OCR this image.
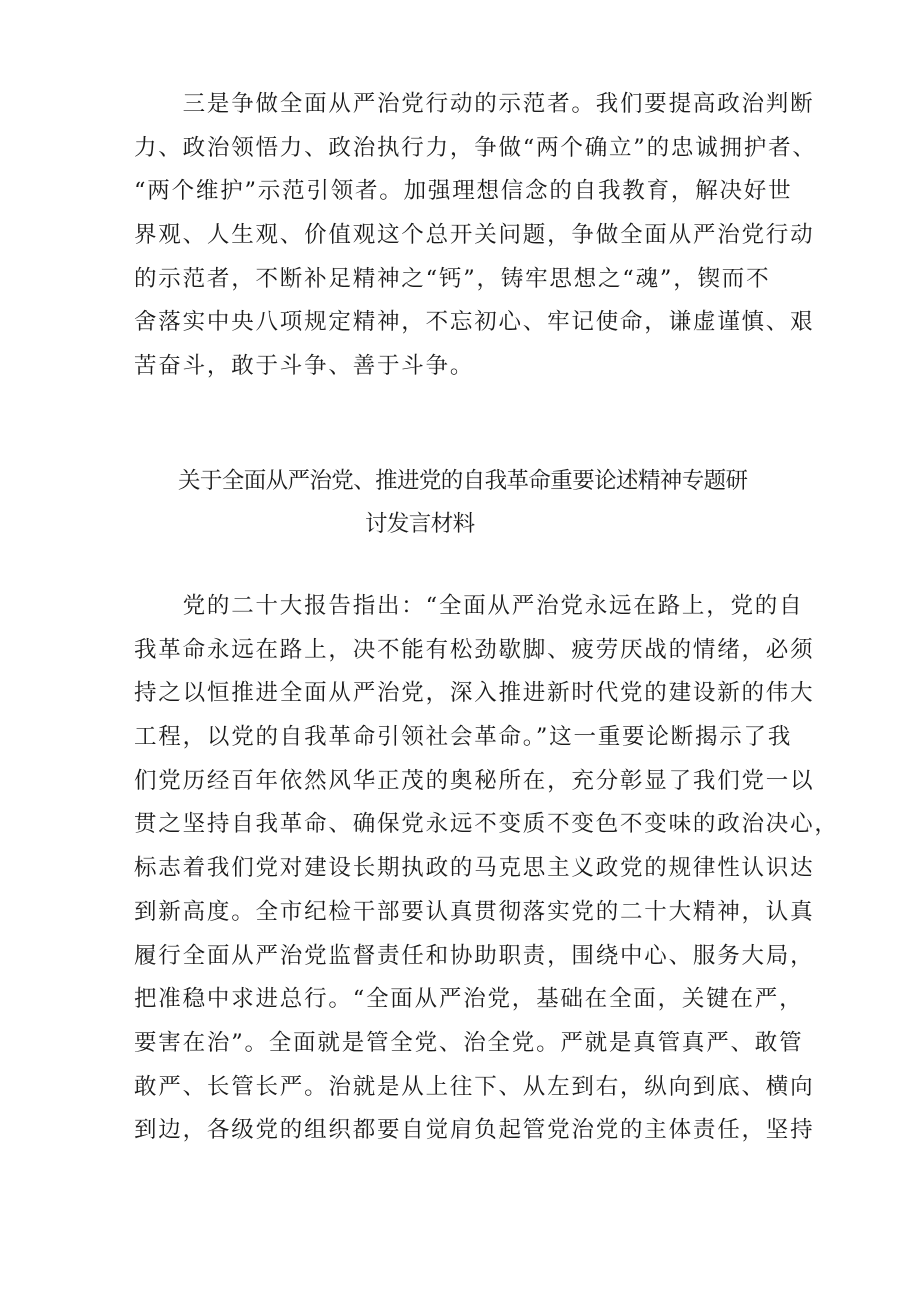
　　三是争做全面从严治党行动的示范者。我们要提高政治判断
力、政治领悟力、政治执行力，争做“两个确立”的忠诚拥护者、
“两个维护”示范引领者。加强理想信念的自我教育，解决好世
界观、人生观、价值观这个总开关问题，争做全面从严治党行动
的示范者，不断补足精神之“钙”，铸牢思想之“魂”，锲而不
舍落实中央八项规定精神，不忘初心、牢记使命，谦虚谨慎、艰
苦奋斗，敢于斗争、善于斗争。
关于全面从严治党、推进党的自我革命重要论述精神专题研
讨发言材料
　　党的二十大报告指出：“全面从严治党永远在路上，党的自
我革命永远在路上，决不能有松劲歇脚、疲劳厌战的情绪，必须
持之以恒推进全面从严治党，深入推进新时代党的建设新的伟大
工程，以党的自我革命引领社会革命。”这一重要论断揭示了我
们党历经百年依然风华正茂的奥秘所在，充分彰显了我们党一以
贯之坚持自我革命、确保党永远不变质不变色不变味的政治决心，
标志着我们党对建设长期执政的马克思主义政党的规律性认识达
到新高度。全市纪检干部要认真贯彻落实党的二十大精神，认真
履行全面从严治党监督责任和协助职责，围绕中心、服务大局，
把准稳中求进总行。“全面从严治党，基础在全面，关键在严，
要害在治”。全面就是管全党、治全党。严就是真管真严、敢管
敢严、长管长严。治就是从上往下、从左到右，纵向到底、横向
到边，各级党的组织都要自觉肩负起管党治党的主体责任，坚持
